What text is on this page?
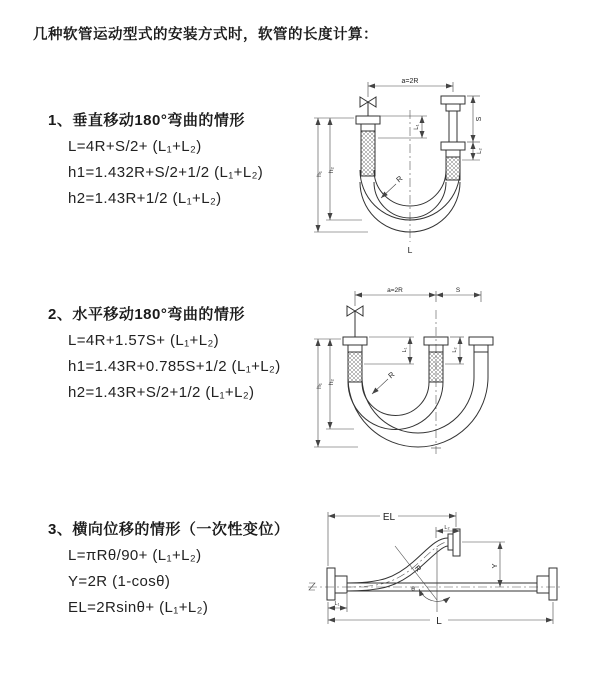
几种软管运动型式的安装方式时，软管的长度计算：
1、垂直移动180°弯曲的情形
L=4R+S/2+ (L₁+L₂)
h1=1.432R+S/2+1/2 (L₁+L₂)
h2=1.43R+1/2 (L₁+L₂)
2、水平移动180°弯曲的情形
L=4R+1.57S+ (L₁+L₂)
h1=1.43R+0.785S+1/2 (L₁+L₂)
h2=1.43R+S/2+1/2 (L₁+L₂)
3、横向位移的情形（一次性变位）
L=πRθ/90+ (L₁+L₂)
Y=2R (1-cosθ)
EL=2Rsinθ+ (L₁+L₂)
a=2R
L₁
S
L₂
h₁
h₂
R
L
a=2R	S
L₁	L₂
h₁
h₂
R
EL
L₂
Y
R
θ
L₁
L
